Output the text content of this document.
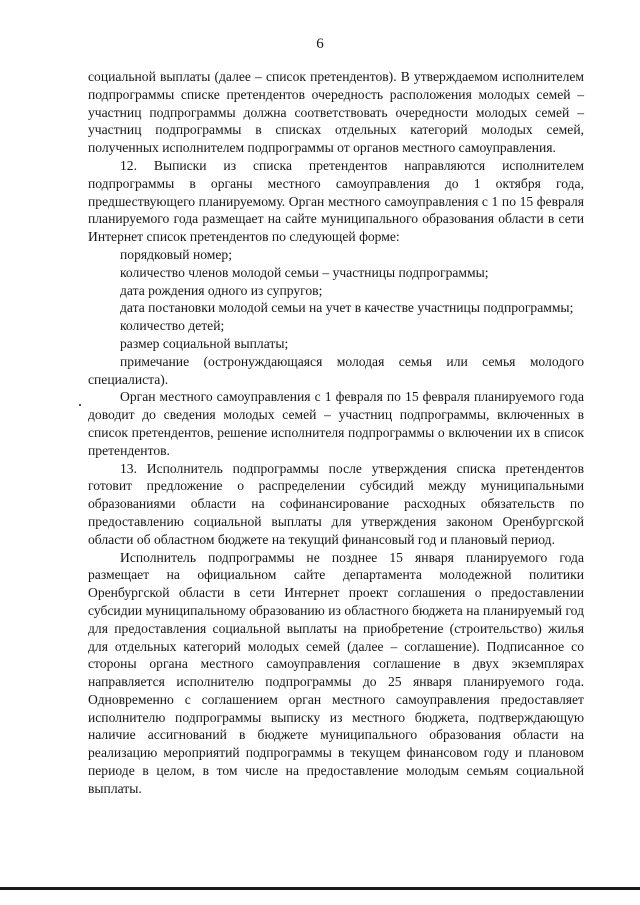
6

социальной выплаты (далее – список претендентов). В утверждаемом исполнителем подпрограммы списке претендентов очередность расположения молодых семей – участниц подпрограммы должна соответствовать очередности молодых семей – участниц подпрограммы в списках отдельных категорий молодых семей, полученных исполнителем подпрограммы от органов местного самоуправления.

12. Выписки из списка претендентов направляются исполнителем подпрограммы в органы местного самоуправления до 1 октября года, предшествующего планируемому. Орган местного самоуправления с 1 по 15 февраля планируемого года размещает на сайте муниципального образования области в сети Интернет список претендентов по следующей форме:

порядковый номер;

количество членов молодой семьи – участницы подпрограммы;

дата рождения одного из супругов;

дата постановки молодой семьи на учет в качестве участницы подпрограммы;

количество детей;

размер социальной выплаты;

примечание (остронуждающаяся молодая семья или семья молодого специалиста).

Орган местного самоуправления с 1 февраля по 15 февраля планируемого года доводит до сведения молодых семей – участниц подпрограммы, включенных в список претендентов, решение исполнителя подпрограммы о включении их в список претендентов.

13. Исполнитель подпрограммы после утверждения списка претендентов готовит предложение о распределении субсидий между муниципальными образованиями области на софинансирование расходных обязательств по предоставлению социальной выплаты для утверждения законом Оренбургской области об областном бюджете на текущий финансовый год и плановый период.

Исполнитель подпрограммы не позднее 15 января планируемого года размещает на официальном сайте департамента молодежной политики Оренбургской области в сети Интернет проект соглашения о предоставлении субсидии муниципальному образованию из областного бюджета на планируемый год для предоставления социальной выплаты на приобретение (строительство) жилья для отдельных категорий молодых семей (далее – соглашение). Подписанное со стороны органа местного самоуправления соглашение в двух экземплярах направляется исполнителю подпрограммы до 25 января планируемого года. Одновременно с соглашением орган местного самоуправления предоставляет исполнителю подпрограммы выписку из местного бюджета, подтверждающую наличие ассигнований в бюджете муниципального образования области на реализацию мероприятий подпрограммы в текущем финансовом году и плановом периоде в целом, в том числе на предоставление молодым семьям социальной выплаты.
